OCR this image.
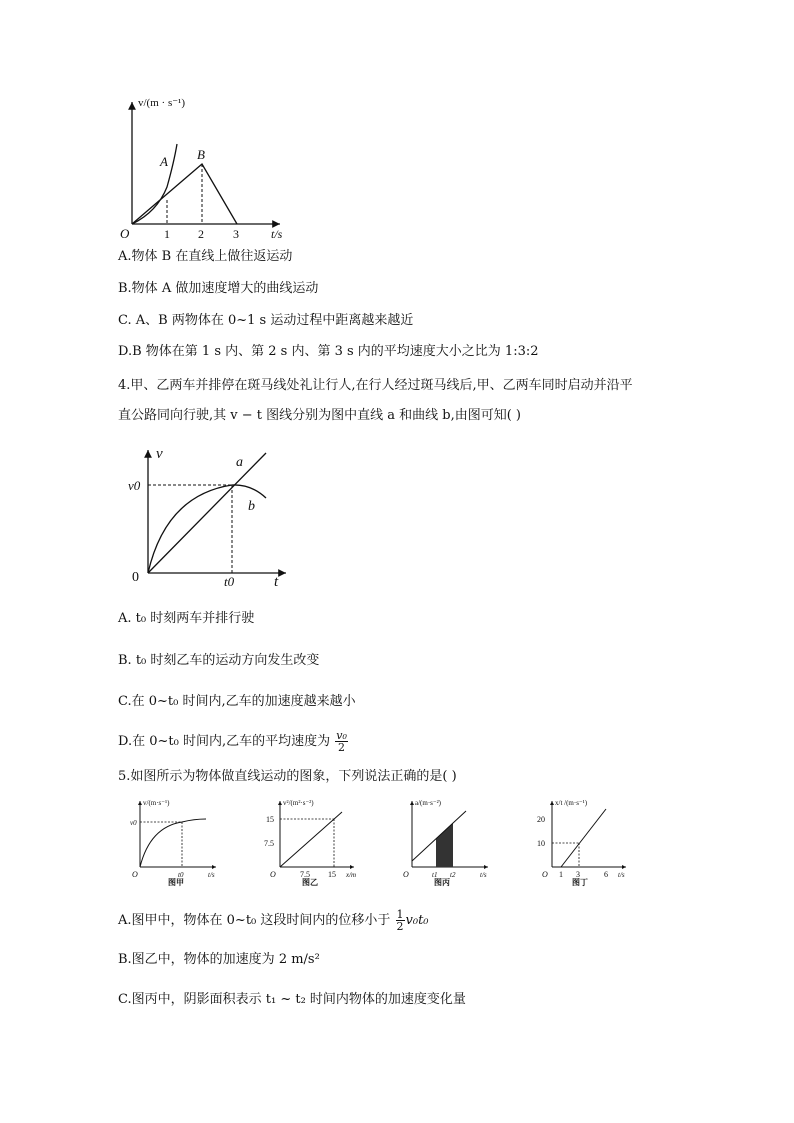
v/(m · s⁻¹)
t/s
O	1 2 3
A B
A.物体 B 在直线上做往返运动
B.物体 A 做加速度增大的曲线运动
C. A、B 两物体在 0~1 s 运动过程中距离越来越近
D.B 物体在第 1 s 内、第 2 s 内、第 3 s 内的平均速度大小之比为 1:3:2
4.甲、乙两车并排停在斑马线处礼让行人,在行人经过斑马线后,甲、乙两车同时启动并沿平
直公路同向行驶,其 v − t 图线分别为图中直线 a 和曲线 b,由图可知( )
v
t
0
v0
t0
a
b
A. t₀ 时刻两车并排行驶
B. t₀ 时刻乙车的运动方向发生改变
C.在 0~t₀ 时间内,乙车的加速度越来越小
D.在 0~t₀ 时间内,乙车的平均速度为 $\frac{\text{v₀}}{2}$
5.如图所示为物体做直线运动的图象，下列说法正确的是( )
v/(m·s⁻¹)
t/s
O
v0
t0
图甲
v²/(m²·s⁻²)
x/m
O
15
7.5
7.5 15
图乙
a/(m·s⁻²)
t/s
O	t1 t2
图丙
x/t /(m·s⁻¹)
t/s
O
20
10
1 3	6
图丁
A.图甲中，物体在 0~t₀ 这段时间内的位移小于 $\frac{1}{2} v_0t_0$
B.图乙中，物体的加速度为 2 m/s²
C.图丙中，阴影面积表示 t₁ ~ t₂ 时间内物体的加速度变化量
